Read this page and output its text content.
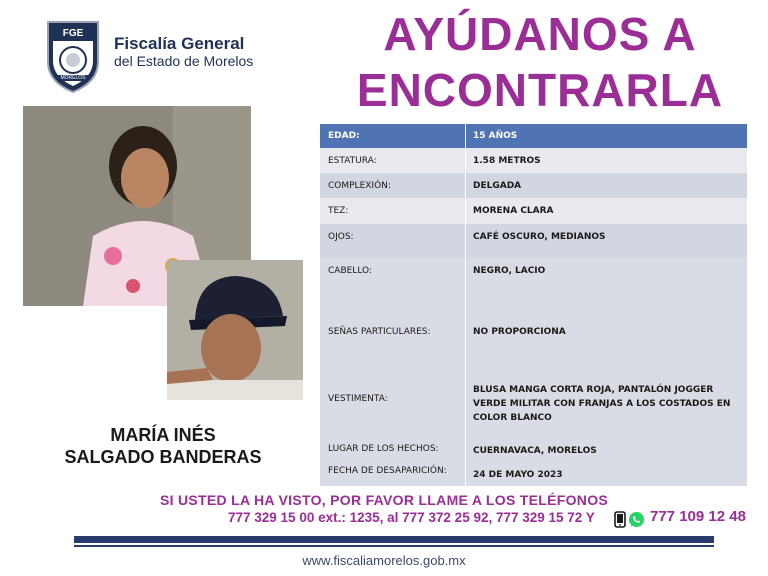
FGE
MORELOS
Fiscalía General
del Estado de Morelos
AYÚDANOS A
ENCONTRARLA
MARÍA INÉS
SALGADO BANDERAS
EDAD:	15 AÑOS
ESTATURA:	1.58 METROS
COMPLEXIÓN:	DELGADA
TEZ:	MORENA CLARA
OJOS:	CAFÉ OSCURO, MEDIANOS
CABELLO:	NEGRO, LACIO
SEÑAS PARTICULARES:	NO PROPORCIONA
VESTIMENTA:
BLUSA MANGA CORTA ROJA, PANTALÓN JOGGER VERDE MILITAR CON FRANJAS A LOS COSTADOS EN COLOR BLANCO
LUGAR DE LOS HECHOS:	CUERNAVACA, MORELOS
FECHA DE DESAPARICIÓN:	24 DE MAYO 2023
SI USTED LA HA VISTO, POR FAVOR LLAME A LOS TELÉFONOS
777 329 15 00 ext.: 1235, al 777 372 25 92, 777 329 15 72 Y	777 109 12 48
www.fiscaliamorelos.gob.mx
